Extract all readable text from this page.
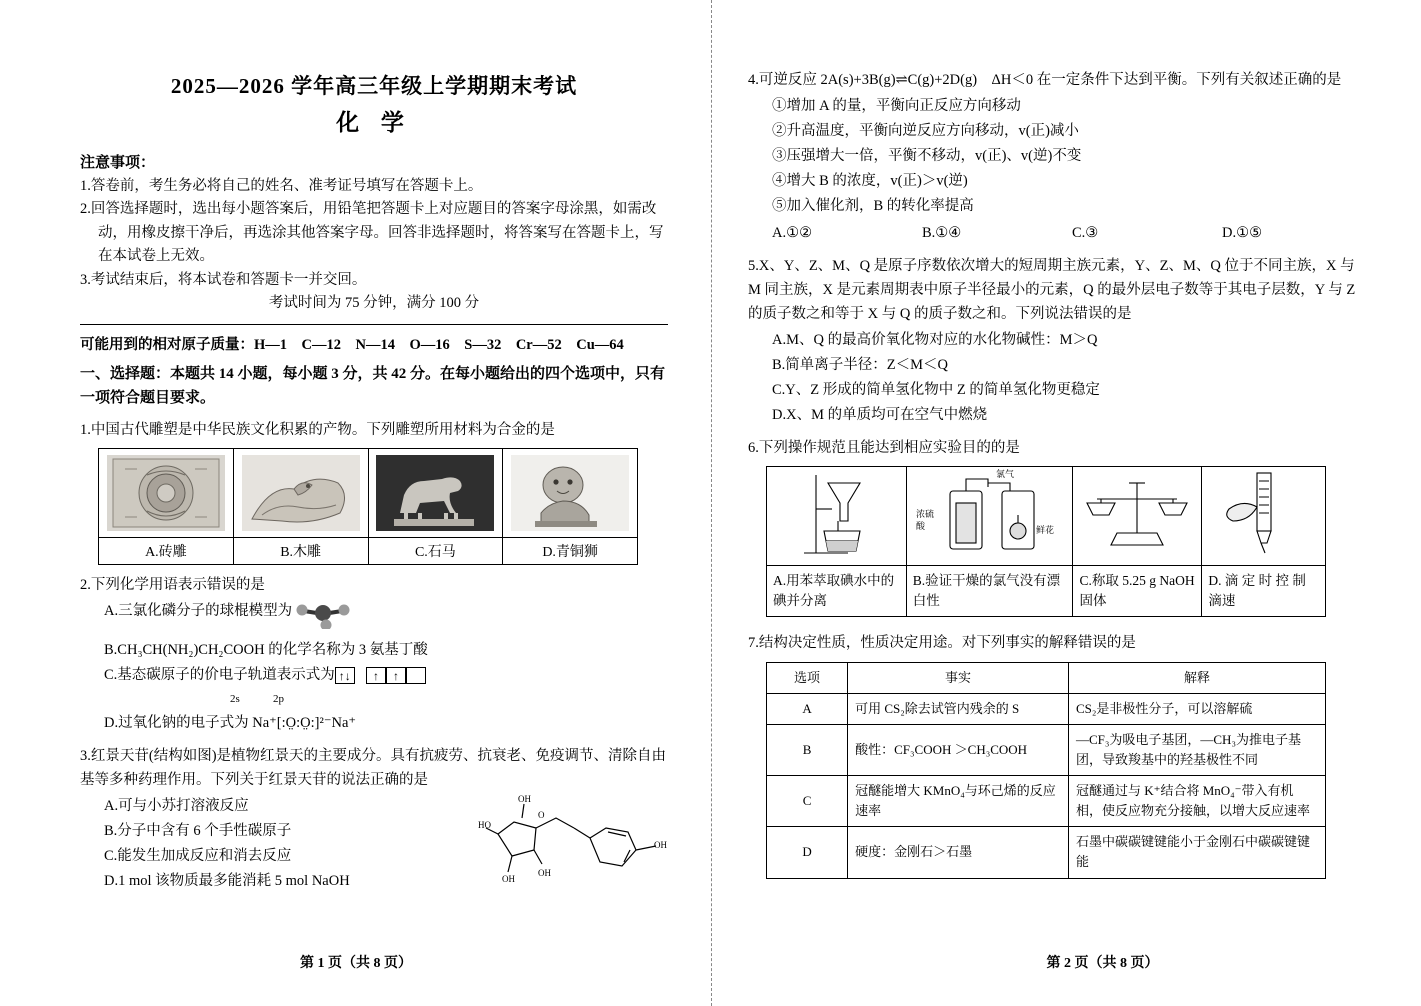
2025—2026 学年高三年级上学期期末考试
化 学
注意事项：

1.答卷前，考生务必将自己的姓名、准考证号填写在答题卡上。

2.回答选择题时，选出每小题答案后，用铅笔把答题卡上对应题目的答案字母涂黑，如需改动，用橡皮擦干净后，再选涂其他答案字母。回答非选择题时，将答案写在答题卡上，写在本试卷上无效。

3.考试结束后，将本试卷和答题卡一并交回。

考试时间为 75 分钟，满分 100 分

可能用到的相对原子质量：H—1　C—12　N—14　O—16　S—32　Cr—52　Cu—64
一、选择题：本题共 14 小题，每小题 3 分，共 42 分。在每小题给出的四个选项中，只有一项符合题目要求。
1.中国古代雕塑是中华民族文化积累的产物。下列雕塑所用材料为合金的是

A.砖雕	B.木雕	C.石马	D.青铜狮
2.下列化学用语表示错误的是
A.三氯化磷分子的球棍模型为
B.CH₃CH(NH₂)CH₂COOH 的化学名称为 3 氨基丁酸
C.基态碳原子的价电子轨道表示式为 ↑↓ ↑ ↑
2s	2p
D.过氧化钠的电子式为 Na⁺[:O̤:O̤:]²⁻Na⁺
3.红景天苷(结构如图)是植物红景天的主要成分。具有抗疲劳、抗衰老、免疫调节、清除自由基等多种药理作用。下列关于红景天苷的说法正确的是
A.可与小苏打溶液反应
B.分子中含有 6 个手性碳原子
C.能发生加成反应和消去反应
D.1 mol 该物质最多能消耗 5 mol NaOH
HO
OH
O
OH
OH
OH
第 1 页（共 8 页）
4.可逆反应 2A(s)+3B(g)⇌C(g)+2D(g)　ΔH＜0 在一定条件下达到平衡。下列有关叙述正确的是
①增加 A 的量，平衡向正反应方向移动
②升高温度，平衡向逆反应方向移动，v(正)减小
③压强增大一倍，平衡不移动，v(正)、v(逆)不变
④增大 B 的浓度，v(正)＞v(逆)
⑤加入催化剂，B 的转化率提高
A.①②	B.①④	C.③	D.①⑤
5.X、Y、Z、M、Q 是原子序数依次增大的短周期主族元素，Y、Z、M、Q 位于不同主族，X 与 M 同主族，X 是元素周期表中原子半径最小的元素，Q 的最外层电子数等于其电子层数，Y 与 Z 的质子数之和等于 X 与 Q 的质子数之和。下列说法错误的是
A.M、Q 的最高价氧化物对应的水化物碱性：M＞Q
B.简单离子半径：Z＜M＜Q
C.Y、Z 形成的简单氢化物中 Z 的简单氢化物更稳定
D.X、M 的单质均可在空气中燃烧
6.下列操作规范且能达到相应实验目的的是

氯气
浓硫
酸 鲜花

A.用苯萃取碘水中的碘并分离	B.验证干燥的氯气没有漂白性	C.称取 5.25 g NaOH 固体	D. 滴 定 时 控 制 滴速
7.结构决定性质，性质决定用途。对下列事实的解释错误的是
选项	事实	解释
A	可用 CS₂除去试管内残余的 S	CS₂是非极性分子，可以溶解硫
B	酸性：CF₃COOH ＞CH₃COOH	—CF₃为吸电子基团，—CH₃为推电子基团，导致羧基中的羟基极性不同
C	冠醚能增大 KMnO₄与环己烯的反应速率	冠醚通过与 K⁺结合将 MnO₄⁻带入有机相，使反应物充分接触，以增大反应速率
D	硬度：金刚石＞石墨	石墨中碳碳键键能小于金刚石中碳碳键键能
第 2 页（共 8 页）
